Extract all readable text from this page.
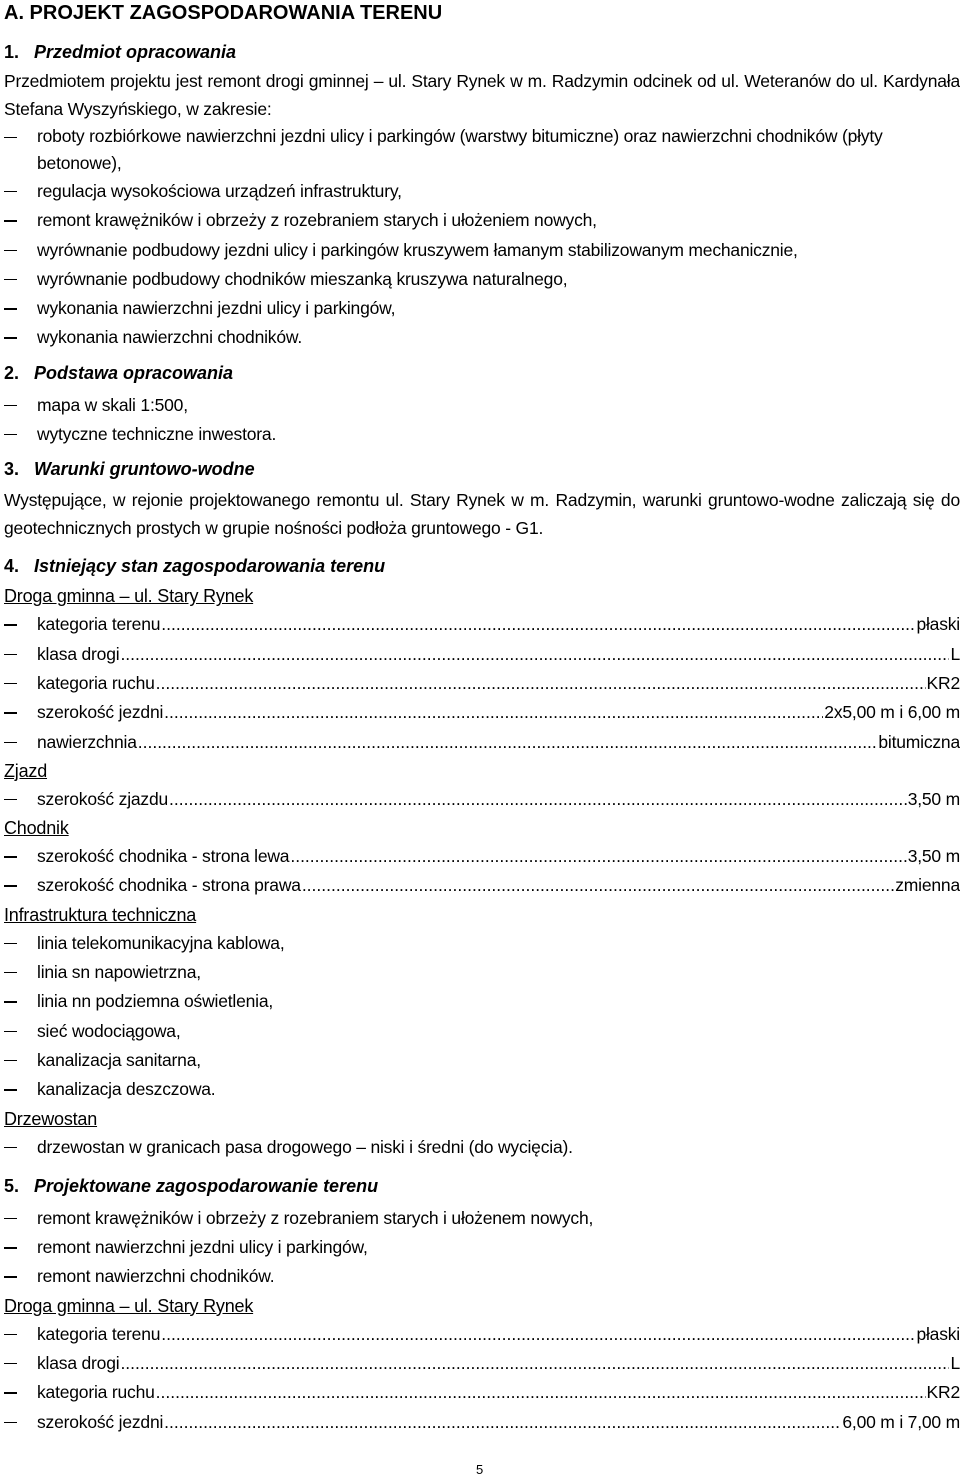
A. PROJEKT ZAGOSPODAROWANIA TERENU
1. Przedmiot opracowania

Przedmiotem projektu jest remont drogi gminnej – ul. Stary Rynek w m. Radzymin odcinek od ul. Weteranów do ul. Kardynała Stefana Wyszyńskiego, w zakresie:

roboty rozbiórkowe nawierzchni jezdni ulicy i parkingów (warstwy bitumiczne) oraz nawierzchni chodników (płyty betonowe),
regulacja wysokościowa urządzeń infrastruktury,
remont krawężników i obrzeży z rozebraniem starych i ułożeniem nowych,
wyrównanie podbudowy jezdni ulicy i parkingów kruszywem łamanym stabilizowanym mechanicznie,
wyrównanie podbudowy chodników mieszanką kruszywa naturalnego,
wykonania nawierzchni jezdni ulicy i parkingów,
wykonania nawierzchni chodników.
2. Podstawa opracowania
mapa w skali 1:500,
wytyczne techniczne inwestora.
3. Warunki gruntowo-wodne

Występujące, w rejonie projektowanego remontu ul. Stary Rynek w m. Radzymin, warunki gruntowo-wodne zaliczają się do geotechnicznych prostych w grupie nośności podłoża gruntowego - G1.

4. Istniejący stan zagospodarowania terenu

Droga gminna – ul. Stary Rynek

kategoria terenu .....	płaski
klasa drogi .....	L
kategoria ruchu .....	KR2
szerokość jezdni .....	2x5,00 m i 6,00 m
nawierzchnia .....	bitumiczna

Zjazd

szerokość zjazdu .....	3,50 m

Chodnik

szerokość chodnika - strona lewa .....	3,50 m
szerokość chodnika - strona prawa .....	zmienna

Infrastruktura techniczna

linia telekomunikacyjna kablowa,
linia sn napowietrzna,
linia nn podziemna oświetlenia,
sieć wodociągowa,
kanalizacja sanitarna,
kanalizacja deszczowa.

Drzewostan

drzewostan w granicach pasa drogowego – niski i średni (do wycięcia).
5. Projektowane zagospodarowanie terenu
remont krawężników i obrzeży z rozebraniem starych i ułożenem nowych,
remont nawierzchni jezdni ulicy i parkingów,
remont nawierzchni chodników.

Droga gminna – ul. Stary Rynek

kategoria terenu .....	płaski
klasa drogi .....	L
kategoria ruchu .....	KR2
szerokość jezdni .....	6,00 m i 7,00 m
5
